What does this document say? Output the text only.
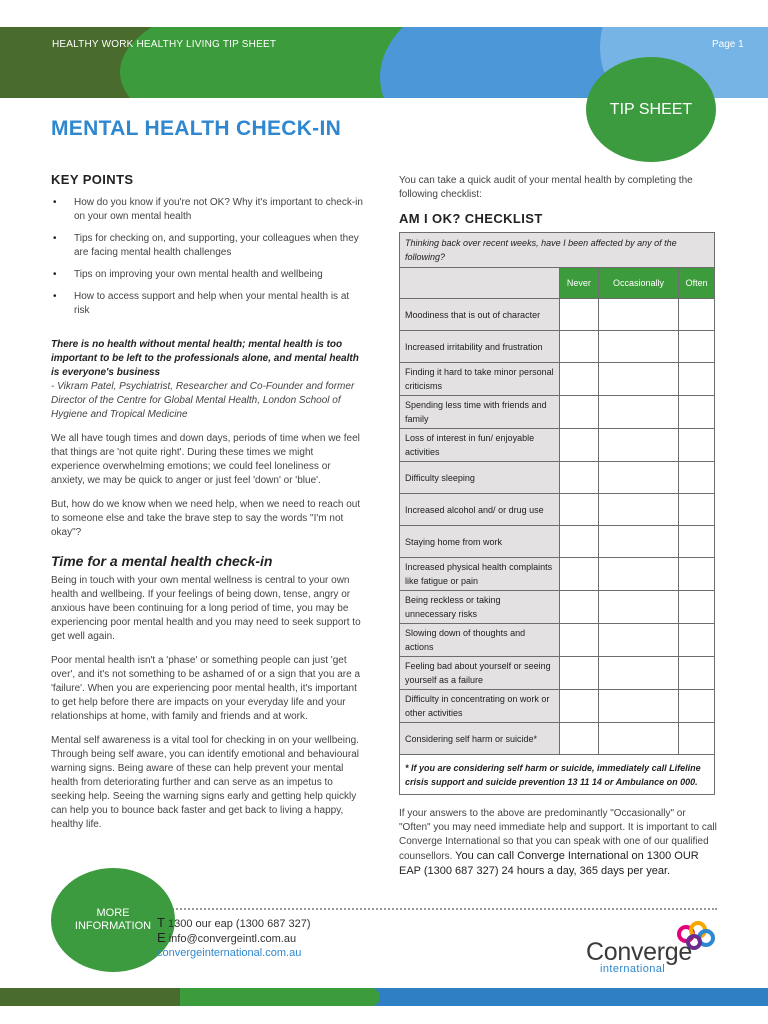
HEALTHY WORK HEALTHY LIVING TIP SHEET	Page 1
TIP SHEET
MENTAL HEALTH CHECK-IN
KEY POINTS
• How do you know if you're not OK? Why it's important to check-in on your own mental health
• Tips for checking on, and supporting, your colleagues when they are facing mental health challenges
• Tips on improving your own mental health and wellbeing
• How to access support and help when your mental health is at risk
There is no health without mental health; mental health is too important to be left to the professionals alone, and mental health is everyone's business
- Vikram Patel, Psychiatrist, Researcher and Co-Founder and former Director of the Centre for Global Mental Health, London School of Hygiene and Tropical Medicine

We all have tough times and down days, periods of time when we feel that things are 'not quite right'. During these times we might experience overwhelming emotions; we could feel loneliness or anxiety, we may be quick to anger or just feel 'down' or 'blue'.

But, how do we know when we need help, when we need to reach out to someone else and take the brave step to say the words "I'm not okay"?

Time for a mental health check-in

Being in touch with your own mental wellness is central to your own health and wellbeing. If your feelings of being down, tense, angry or anxious have been continuing for a long period of time, you may be experiencing poor mental health and you may need to seek support to get well again.

Poor mental health isn't a 'phase' or something people can just 'get over', and it's not something to be ashamed of or a sign that you are a 'failure'. When you are experiencing poor mental health, it's important to get help before there are impacts on your everyday life and your relationships at home, with family and friends and at work.

Mental self awareness is a vital tool for checking in on your wellbeing. Through being self aware, you can identify emotional and behavioural warning signs. Being aware of these can help prevent your mental health from deteriorating further and can serve as an impetus to seeking help. Seeing the warning signs early and getting help quickly can help you to bounce back faster and get back to living a happy, healthy life.

You can take a quick audit of your mental health by completing the following checklist:

AM I OK? CHECKLIST
Thinking back over recent weeks, have I been affected by any of the following?			
	Never	Occasionally	Often
Moodiness that is out of character			
Increased irritability and frustration			
Finding it hard to take minor personal criticisms			
Spending less time with friends and family			
Loss of interest in fun/ enjoyable activities			
Difficulty sleeping			
Increased alcohol and/ or drug use			
Staying home from work			
Increased physical health complaints like fatigue or pain			
Being reckless or taking unnecessary risks			
Slowing down of thoughts and actions			
Feeling bad about yourself or seeing yourself as a failure			
Difficulty in concentrating on work or other activities			
Considering self harm or suicide*			
* If you are considering self harm or suicide, immediately call Lifeline crisis support and suicide prevention 13 11 14 or Ambulance on 000.			

If your answers to the above are predominantly "Occasionally" or "Often" you may need immediate help and support. It is important to call Converge International so that you can speak with one of our qualified counsellors. You can call Converge International on 1300 OUR EAP (1300 687 327) 24 hours a day, 365 days per year.

MORE
INFORMATION T 1300 our eap (1300 687 327)
E info@convergeintl.com.au
convergeinternational.com.au	Converge
international
